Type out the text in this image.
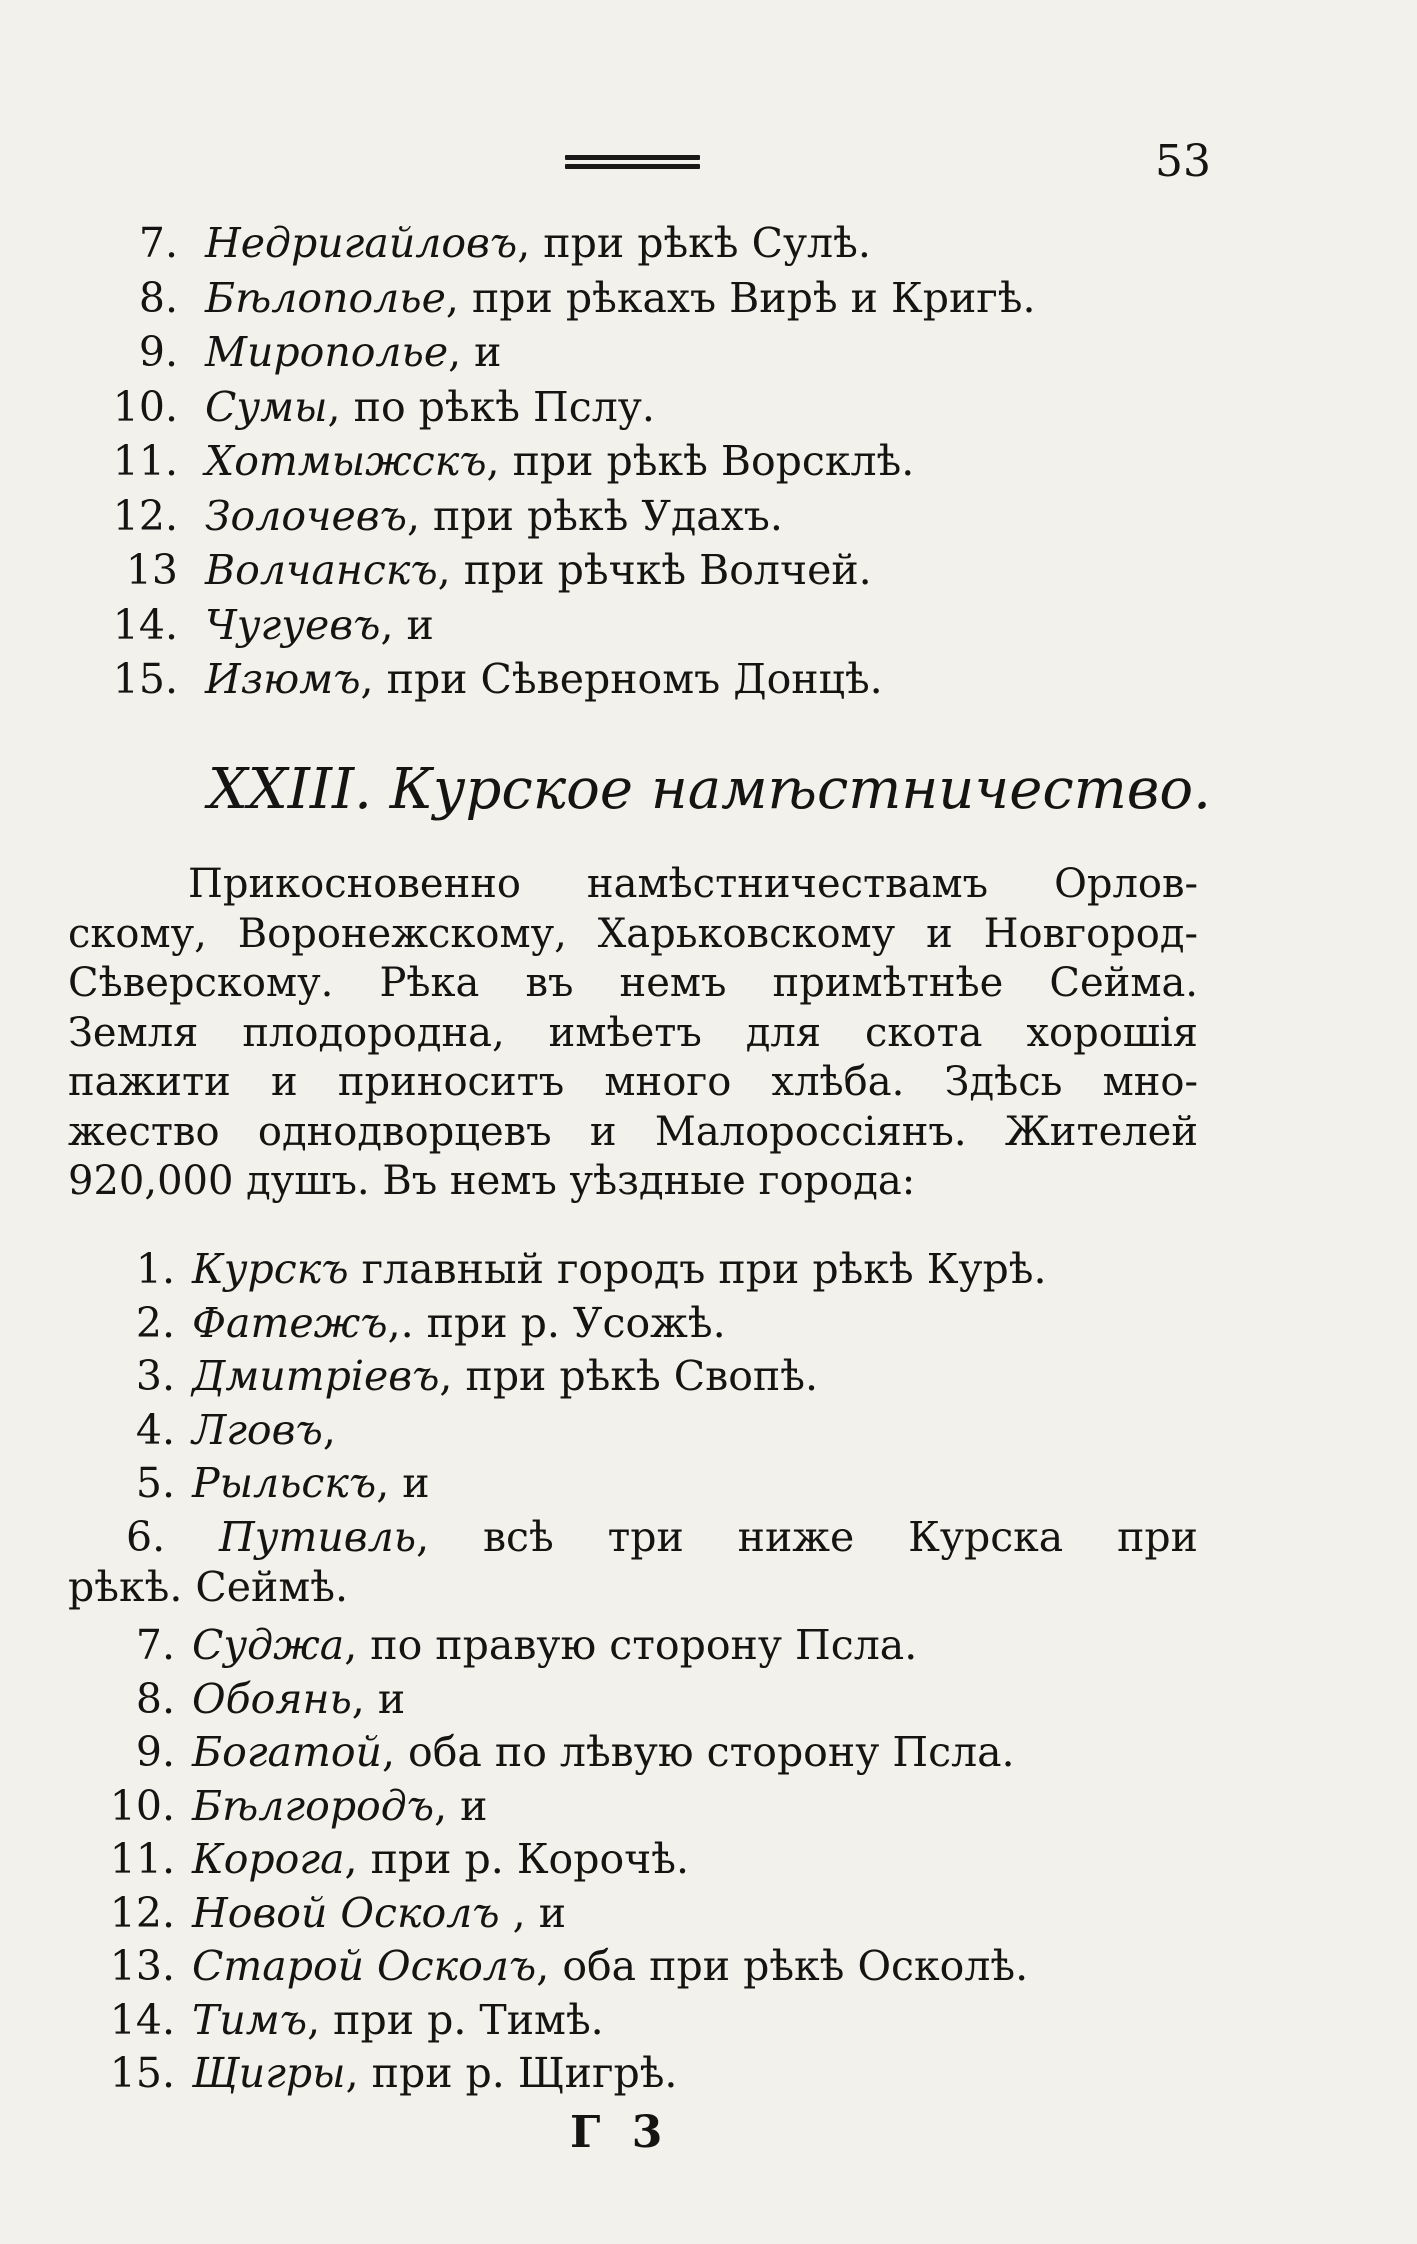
53
7. Недригайловъ, при рѣкѣ Сулѣ.
8. Бѣлополье, при рѣкахъ Вирѣ и Кригѣ.
9. Мирополье, и
10. Сумы, по рѣкѣ Пслу.
11. Хотмыжскъ, при рѣкѣ Ворсклѣ.
12. Золочевъ, при рѣкѣ Удахъ.
13 Волчанскъ, при рѣчкѣ Волчей.
14. Чугуевъ, и
15. Изюмъ, при Сѣверномъ Донцѣ.
XXIII. Курское намѣстничество.
Прикосновенно намѣстничествамъ Орлов-
скому, Воронежскому, Харьковскому и Новгород-
Сѣверскому. Рѣка въ немъ примѣтнѣе Сейма.
Земля плодородна, имѣетъ для скота хорошія
пажити и приноситъ много хлѣба. Здѣсь мно-
жество однодворцевъ и Малороссіянъ. Жителей
920,000 душъ. Въ немъ уѣздные города:
1. Курскъ главный городъ при рѣкѣ Курѣ.
2. Фатежъ,. при р. Усожѣ.
3. Дмитріевъ, при рѣкѣ Свопѣ.
4. Лговъ,
5. Рыльскъ, и
6. Путивль, всѣ три ниже Курска при
рѣкѣ. Сеймѣ.
7. Суджа, по правую сторону Псла.
8. Обоянь, и
9. Богатой, оба по лѣвую сторону Псла.
10. Бѣлгородъ, и
11. Корога, при р. Корочѣ.
12. Новой Осколъ , и
13. Старой Осколъ, оба при рѣкѣ Осколѣ.
14. Тимъ, при р. Тимѣ.
15. Щигры, при р. Щигрѣ.
Г 3
